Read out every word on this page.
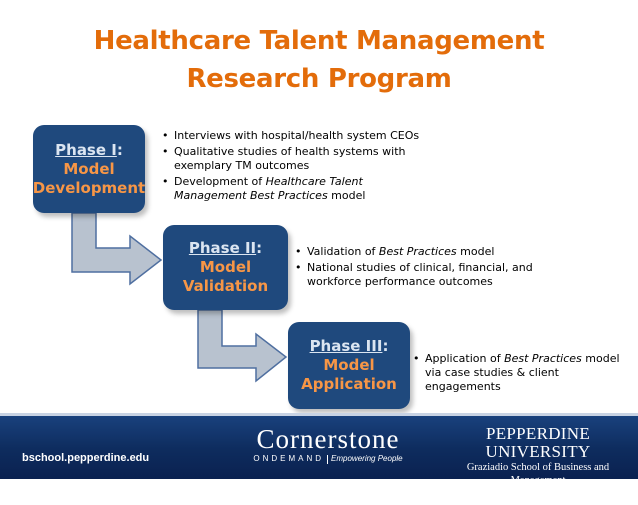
Healthcare Talent Management
Research Program
Phase I:
Model
Development
Phase II:
Model
Validation
Phase III:
Model
Application
• Interviews with hospital/health system CEOs
• Qualitative studies of health systems with exemplary TM outcomes
• Development of Healthcare Talent Management Best Practices model
• Validation of Best Practices model
• National studies of clinical, financial, and workforce performance outcomes
• Application of Best Practices model via case studies & client engagements
bschool.pepperdine.edu
Cornerstone
ONDEMAND Empowering People
PEPPERDINE UNIVERSITY
Graziadio School of Business and Management
Master the leader in you.
